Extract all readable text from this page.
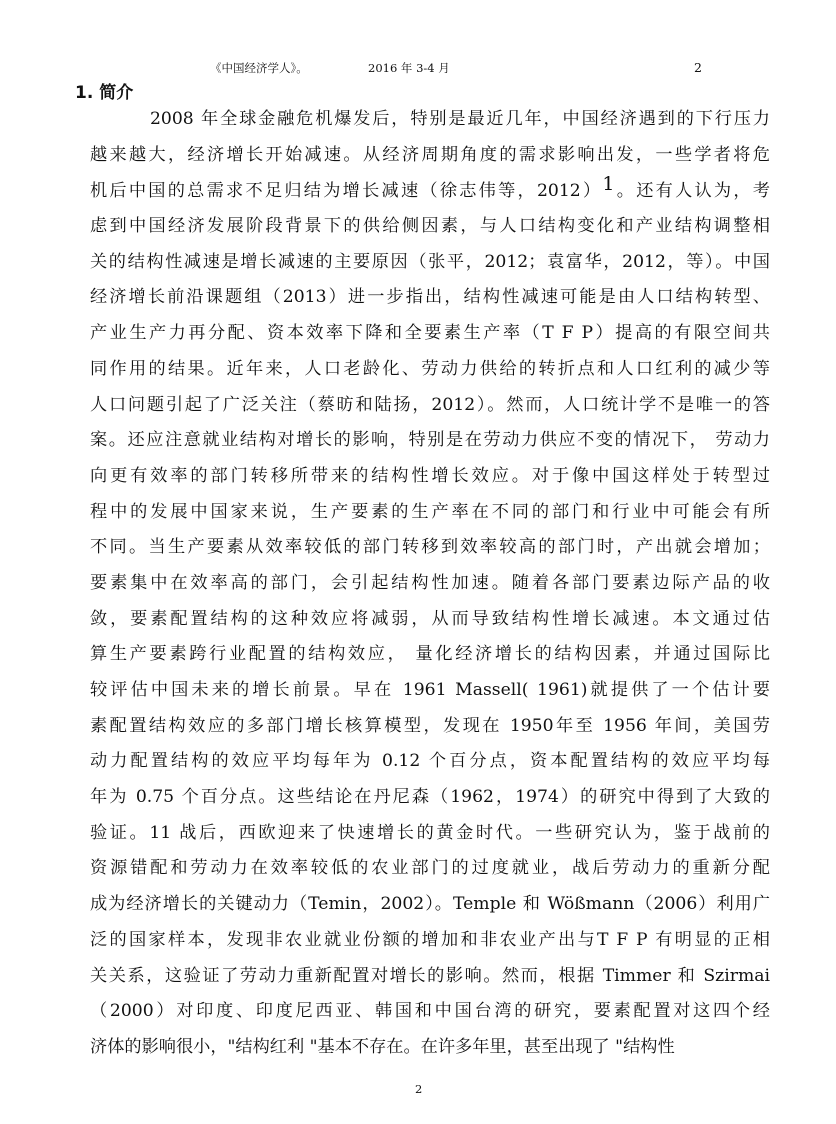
《中国经济学人》。	2016 年 3-4 月	2
1. 简介
2008 年全球金融危机爆发后，特别是最近几年，中国经济遇到的下行压力
越来越大，经济增长开始减速。从经济周期角度的需求影响出发，一些学者将危
机后中国的总需求不足归结为增长减速（徐志伟等，2012）1。还有人认为，考
虑到中国经济发展阶段背景下的供给侧因素，与人口结构变化和产业结构调整相
关的结构性减速是增长减速的主要原因（张平，2012；袁富华，2012，等）。中国
经济增长前沿课题组（2013）进一步指出，结构性减速可能是由人口结构转型、
产业生产力再分配、资本效率下降和全要素生产率（T F P）提高的有限空间共
同作用的结果。近年来，人口老龄化、劳动力供给的转折点和人口红利的减少等
人口问题引起了广泛关注（蔡昉和陆扬，2012）。然而，人口统计学不是唯一的答
案。还应注意就业结构对增长的影响，特别是在劳动力供应不变的情况下， 劳动力
向更有效率的部门转移所带来的结构性增长效应。对于像中国这样处于转型过
程中的发展中国家来说，生产要素的生产率在不同的部门和行业中可能会有所
不同。当生产要素从效率较低的部门转移到效率较高的部门时，产出就会增加；
要素集中在效率高的部门，会引起结构性加速。随着各部门要素边际产品的收
敛，要素配置结构的这种效应将减弱，从而导致结构性增长减速。本文通过估
算生产要素跨行业配置的结构效应， 量化经济增长的结构因素，并通过国际比
较评估中国未来的增长前景。早在 1961 Massell( 1961)就提供了一个估计要
素配置结构效应的多部门增长核算模型，发现在 1950年至 1956 年间，美国劳
动力配置结构的效应平均每年为 0.12 个百分点，资本配置结构的效应平均每
年为 0.75 个百分点。这些结论在丹尼森（1962，1974）的研究中得到了大致的
验证。11 战后，西欧迎来了快速增长的黄金时代。一些研究认为，鉴于战前的
资源错配和劳动力在效率较低的农业部门的过度就业，战后劳动力的重新分配
成为经济增长的关键动力（Temin，2002）。Temple 和 Wößmann（2006）利用广
泛的国家样本，发现非农业就业份额的增加和非农业产出与T F P 有明显的正相
关关系，这验证了劳动力重新配置对增长的影响。然而，根据 Timmer 和 Szirmai
（2000）对印度、印度尼西亚、韩国和中国台湾的研究，要素配置对这四个经
济体的影响很小，"结构红利 "基本不存在。在许多年里，甚至出现了 "结构性
2
